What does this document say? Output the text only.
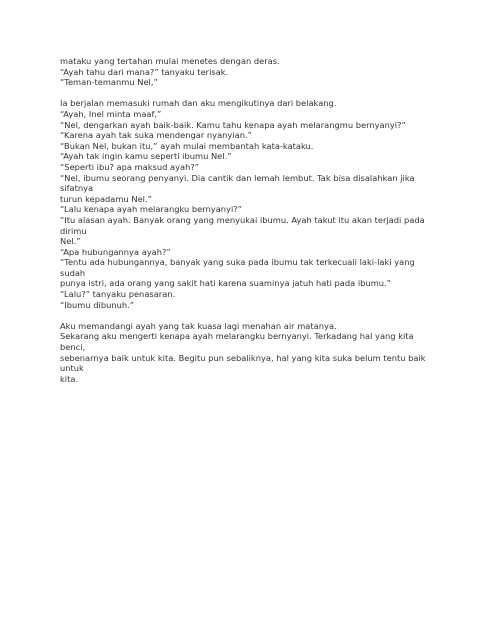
mataku yang tertahan mulai menetes dengan deras.
“Ayah tahu dari mana?” tanyaku terisak.
“Teman-temanmu Nel,”
Ia berjalan memasuki rumah dan aku mengikutinya dari belakang.
“Ayah, Inel minta maaf,”
“Nel, dengarkan ayah baik-baik. Kamu tahu kenapa ayah melarangmu bernyanyi?”
“Karena ayah tak suka mendengar nyanyian.”
“Bukan Nel, bukan itu,” ayah mulai membantah kata-kataku.
“Ayah tak ingin kamu seperti ibumu Nel.”
“Seperti ibu? apa maksud ayah?”
“Nel, ibumu seorang penyanyi. Dia cantik dan lemah lembut. Tak bisa disalahkan jika sifatnya
turun kepadamu Nel.”
“Lalu kenapa ayah melarangku bernyanyi?”
“Itu alasan ayah. Banyak orang yang menyukai ibumu. Ayah takut itu akan terjadi pada dirimu
Nel.”
“Apa hubungannya ayah?”
“Tentu ada hubungannya, banyak yang suka pada ibumu tak terkecuali laki-laki yang sudah
punya istri, ada orang yang sakit hati karena suaminya jatuh hati pada ibumu.”
“Lalu?” tanyaku penasaran.
“Ibumu dibunuh.”
Aku memandangi ayah yang tak kuasa lagi menahan air matanya.
Sekarang aku mengerti kenapa ayah melarangku bernyanyi. Terkadang hal yang kita benci,
sebenarnya baik untuk kita. Begitu pun sebaliknya, hal yang kita suka belum tentu baik untuk
kita.
